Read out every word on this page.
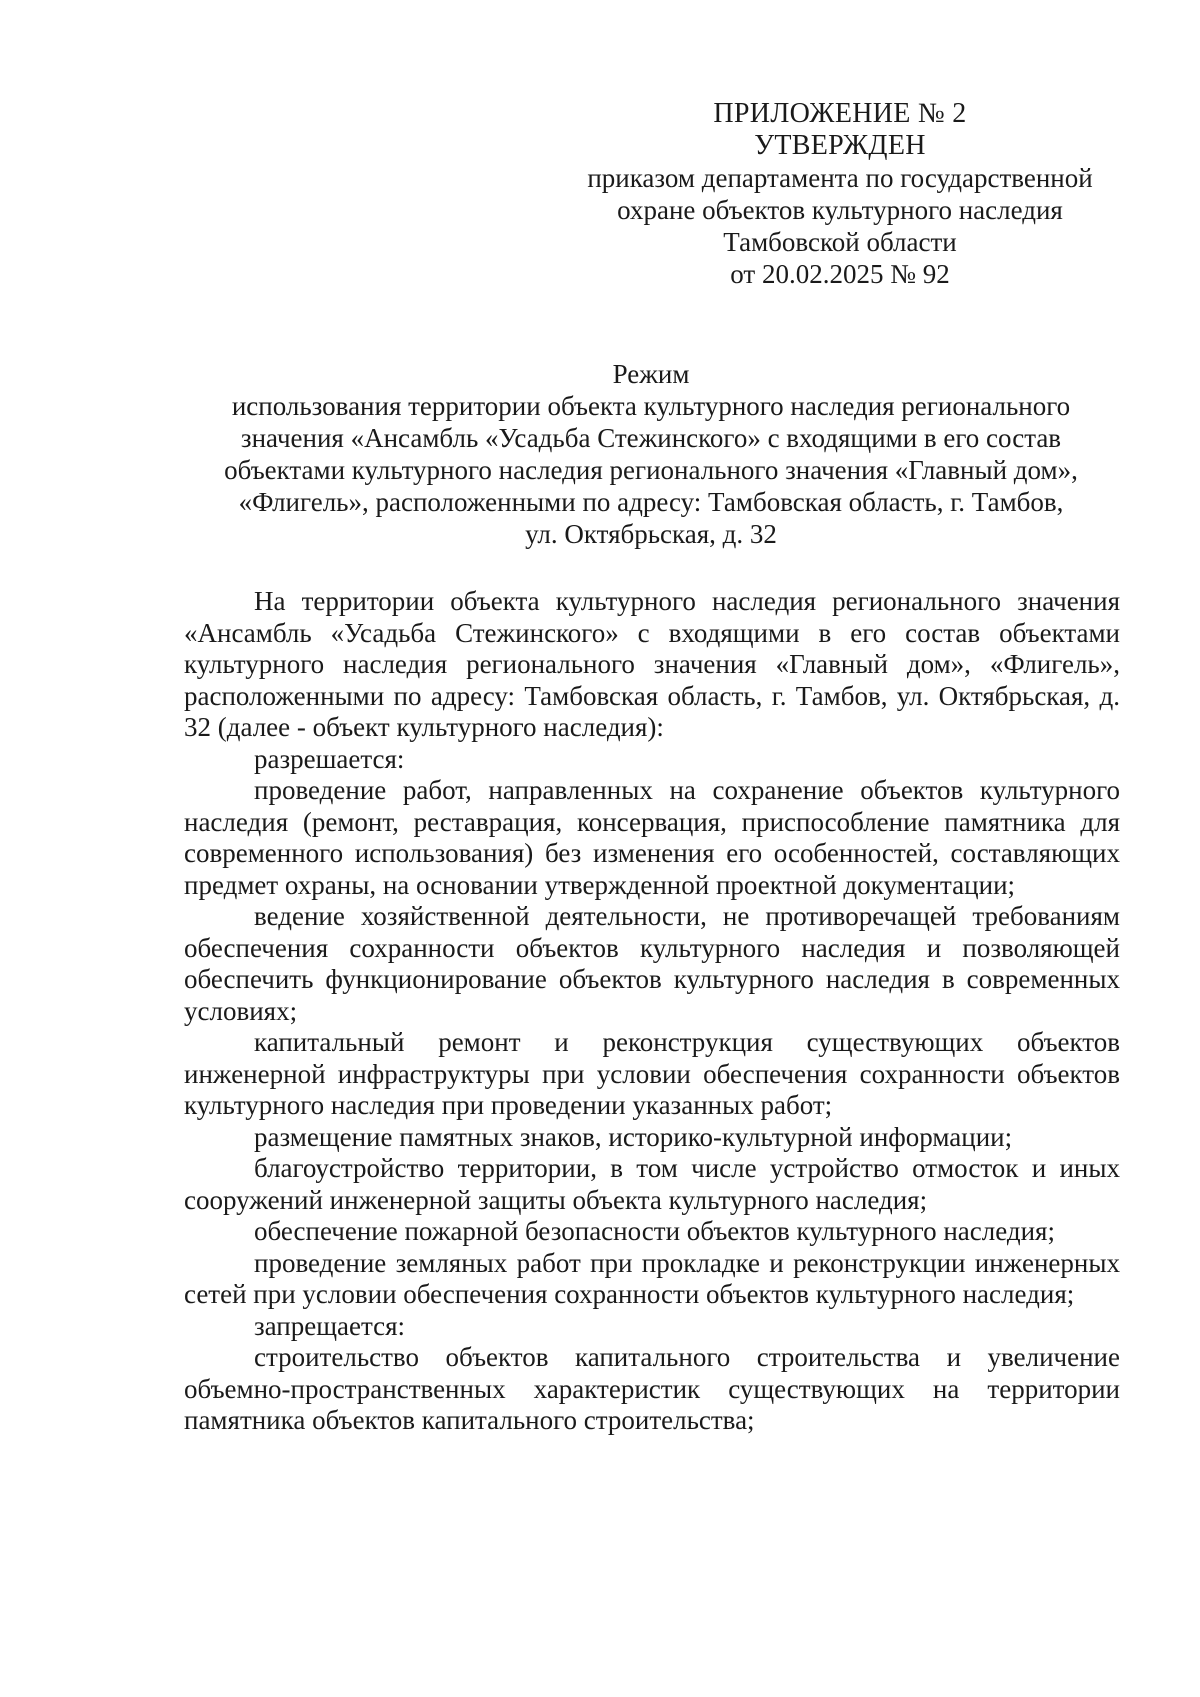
ПРИЛОЖЕНИЕ № 2
УТВЕРЖДЕН
приказом департамента по государственной
охране объектов культурного наследия
Тамбовской области
от 20.02.2025 № 92
Режим
использования территории объекта культурного наследия регионального
значения «Ансамбль «Усадьба Стежинского» с входящими в его состав
объектами культурного наследия регионального значения «Главный дом»,
«Флигель», расположенными по адресу: Тамбовская область, г. Тамбов,
ул. Октябрьская, д. 32

На территории объекта культурного наследия регионального значения «Ансамбль «Усадьба Стежинского» с входящими в его состав объектами культурного наследия регионального значения «Главный дом», «Флигель», расположенными по адресу: Тамбовская область, г. Тамбов, ул. Октябрьская, д. 32 (далее - объект культурного наследия):

разрешается:

проведение работ, направленных на сохранение объектов культурного наследия (ремонт, реставрация, консервация, приспособление памятника для современного использования) без изменения его особенностей, составляющих предмет охраны, на основании утвержденной проектной документации;

ведение хозяйственной деятельности, не противоречащей требованиям обеспечения сохранности объектов культурного наследия и позволяющей обеспечить функционирование объектов культурного наследия в современных условиях;

капитальный ремонт и реконструкция существующих объектов инженерной инфраструктуры при условии обеспечения сохранности объектов культурного наследия при проведении указанных работ;

размещение памятных знаков, историко-культурной информации;

благоустройство территории, в том числе устройство отмосток и иных сооружений инженерной защиты объекта культурного наследия;

обеспечение пожарной безопасности объектов культурного наследия;

проведение земляных работ при прокладке и реконструкции инженерных сетей при условии обеспечения сохранности объектов культурного наследия;

запрещается:

строительство объектов капитального строительства и увеличение объемно-пространственных характеристик существующих на территории памятника объектов капитального строительства;
